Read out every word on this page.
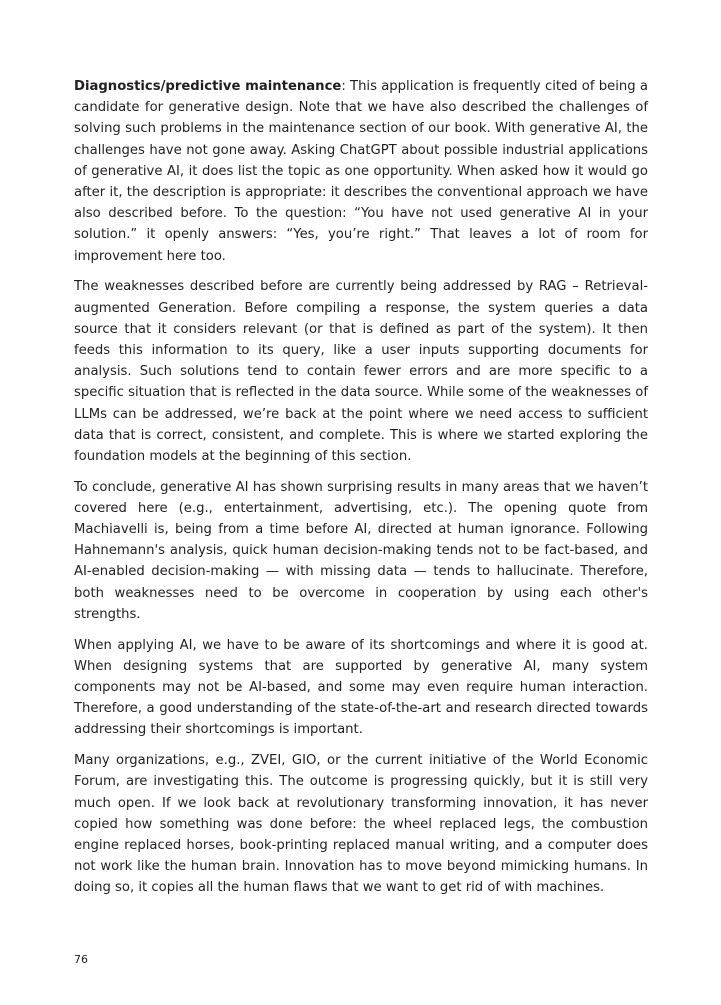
Diagnostics/predictive maintenance: This application is frequently cited of being a candidate for generative design. Note that we have also described the challenges of solving such problems in the maintenance section of our book. With generative AI, the challenges have not gone away. Asking ChatGPT about possible industrial applications of generative AI, it does list the topic as one opportunity. When asked how it would go after it, the description is appropriate: it describes the conventional approach we have also described before. To the question: “You have not used generative AI in your solution.” it openly answers: “Yes, you’re right.” That leaves a lot of room for improvement here too.

The weaknesses described before are currently being addressed by RAG – Retrieval-augmented Generation. Before compiling a response, the system queries a data source that it considers relevant (or that is defined as part of the system). It then feeds this information to its query, like a user inputs supporting documents for analysis. Such solutions tend to contain fewer errors and are more specific to a specific situation that is reflected in the data source. While some of the weaknesses of LLMs can be addressed, we’re back at the point where we need access to sufficient data that is correct, consistent, and complete. This is where we started exploring the foundation models at the beginning of this section.

To conclude, generative AI has shown surprising results in many areas that we haven’t covered here (e.g., entertainment, advertising, etc.). The opening quote from Machiavelli is, being from a time before AI, directed at human ignorance. Following Hahnemann's analysis, quick human decision-making tends not to be fact-based, and AI-enabled decision-making — with missing data — tends to hallucinate. Therefore, both weaknesses need to be overcome in cooperation by using each other's strengths.

When applying AI, we have to be aware of its shortcomings and where it is good at. When designing systems that are supported by generative AI, many system components may not be AI-based, and some may even require human interaction. Therefore, a good understanding of the state-of-the-art and research directed towards addressing their shortcomings is important.

Many organizations, e.g., ZVEI, GIO, or the current initiative of the World Economic Forum, are investigating this. The outcome is progressing quickly, but it is still very much open. If we look back at revolutionary transforming innovation, it has never copied how something was done before: the wheel replaced legs, the combustion engine replaced horses, book-printing replaced manual writing, and a computer does not work like the human brain. Innovation has to move beyond mimicking humans. In doing so, it copies all the human flaws that we want to get rid of with machines.

76
